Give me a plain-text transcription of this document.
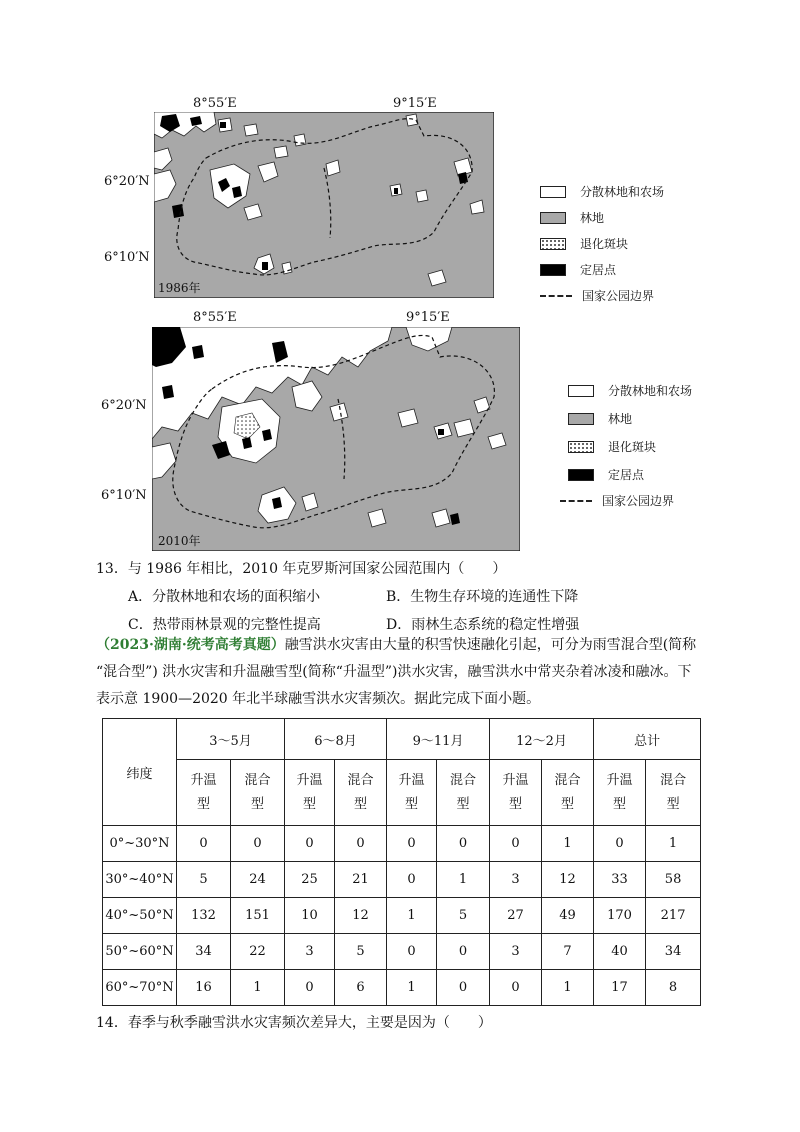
8°55′E	9°15′E
6°20′N
6°10′N
1986年
分散林地和农场
林地
退化斑块
定居点
国家公园边界
8°55′E	9°15′E
6°20′N
6°10′N
2010年
分散林地和农场
林地
退化斑块
定居点
国家公园边界
13．与 1986 年相比，2010 年克罗斯河国家公园范围内（　　）
A．分散林地和农场的面积缩小	B．生物生存环境的连通性下降
C．热带雨林景观的完整性提高	D．雨林生态系统的稳定性增强
（2023·湖南·统考高考真题）融雪洪水灾害由大量的积雪快速融化引起，可分为雨雪混合型(简称
“混合型”) 洪水灾害和升温融雪型(简称“升温型”)洪水灾害，融雪洪水中常夹杂着冰凌和融冰。下
表示意 1900—2020 年北半球融雪洪水灾害频次。据此完成下面小题。
纬度	3～5月		6～8月		9～11月		12～2月		总计	
	升温
型	混合
型	升温
型	混合
型	升温
型	混合
型	升温
型	混合
型	升温
型	混合
型
0°~30°N	0	0	0	0	0	0	0	1	0	1
30°~40°N	5	24	25	21	0	1	3	12	33	58
40°~50°N	132	151	10	12	1	5	27	49	170	217
50°~60°N	34	22	3	5	0	0	3	7	40	34
60°~70°N	16	1	0	6	1	0	0	1	17	8
14．春季与秋季融雪洪水灾害频次差异大，主要是因为（　　）
